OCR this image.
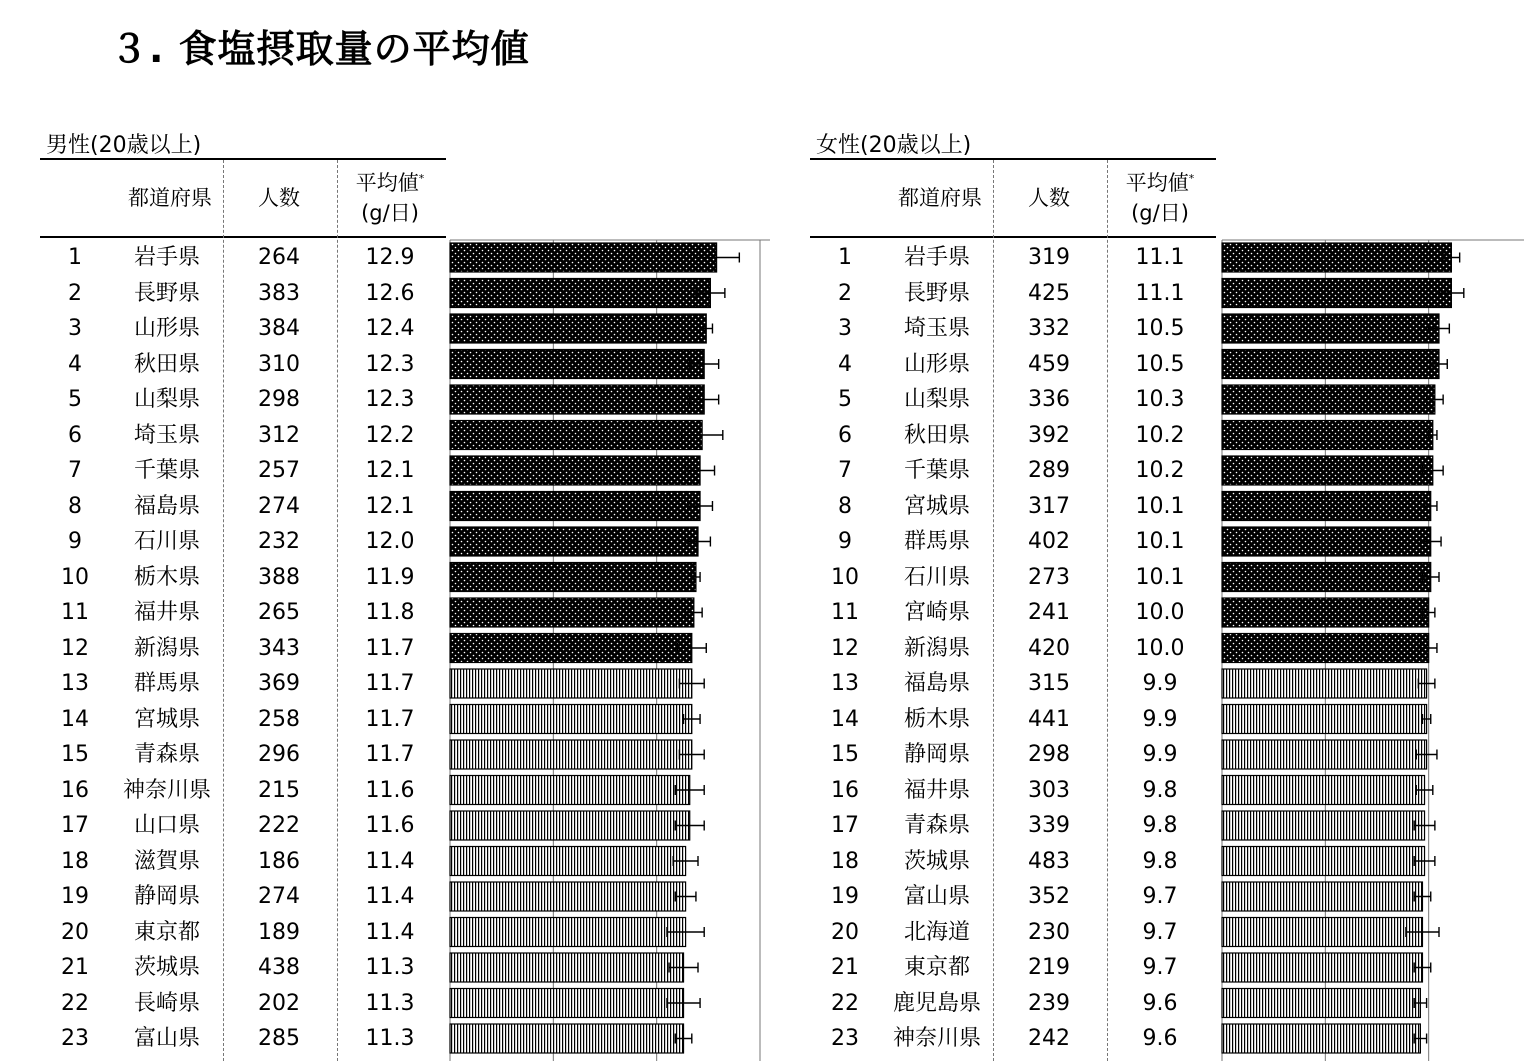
３. 食塩摂取量の平均値
男性(20歳以上)
都道府県	人数
平均値*
(g/日)
1	岩手県	264	12.9
2	長野県	383	12.6
3	山形県	384	12.4
4	秋田県	310	12.3
5	山梨県	298	12.3
6	埼玉県	312	12.2
7	千葉県	257	12.1
8	福島県	274	12.1
9	石川県	232	12.0
10	栃木県	388	11.9
11	福井県	265	11.8
12	新潟県	343	11.7
13	群馬県	369	11.7
14	宮城県	258	11.7
15	青森県	296	11.7
16	神奈川県	215	11.6
17	山口県	222	11.6
18	滋賀県	186	11.4
19	静岡県	274	11.4
20	東京都	189	11.4
21	茨城県	438	11.3
22	長崎県	202	11.3
23	富山県	285	11.3
女性(20歳以上)
都道府県	人数
平均値*
(g/日)
1	岩手県	319	11.1
2	長野県	425	11.1
3	埼玉県	332	10.5
4	山形県	459	10.5
5	山梨県	336	10.3
6	秋田県	392	10.2
7	千葉県	289	10.2
8	宮城県	317	10.1
9	群馬県	402	10.1
10	石川県	273	10.1
11	宮崎県	241	10.0
12	新潟県	420	10.0
13	福島県	315	9.9
14	栃木県	441	9.9
15	静岡県	298	9.9
16	福井県	303	9.8
17	青森県	339	9.8
18	茨城県	483	9.8
19	富山県	352	9.7
20	北海道	230	9.7
21	東京都	219	9.7
22	鹿児島県	239	9.6
23	神奈川県	242	9.6
